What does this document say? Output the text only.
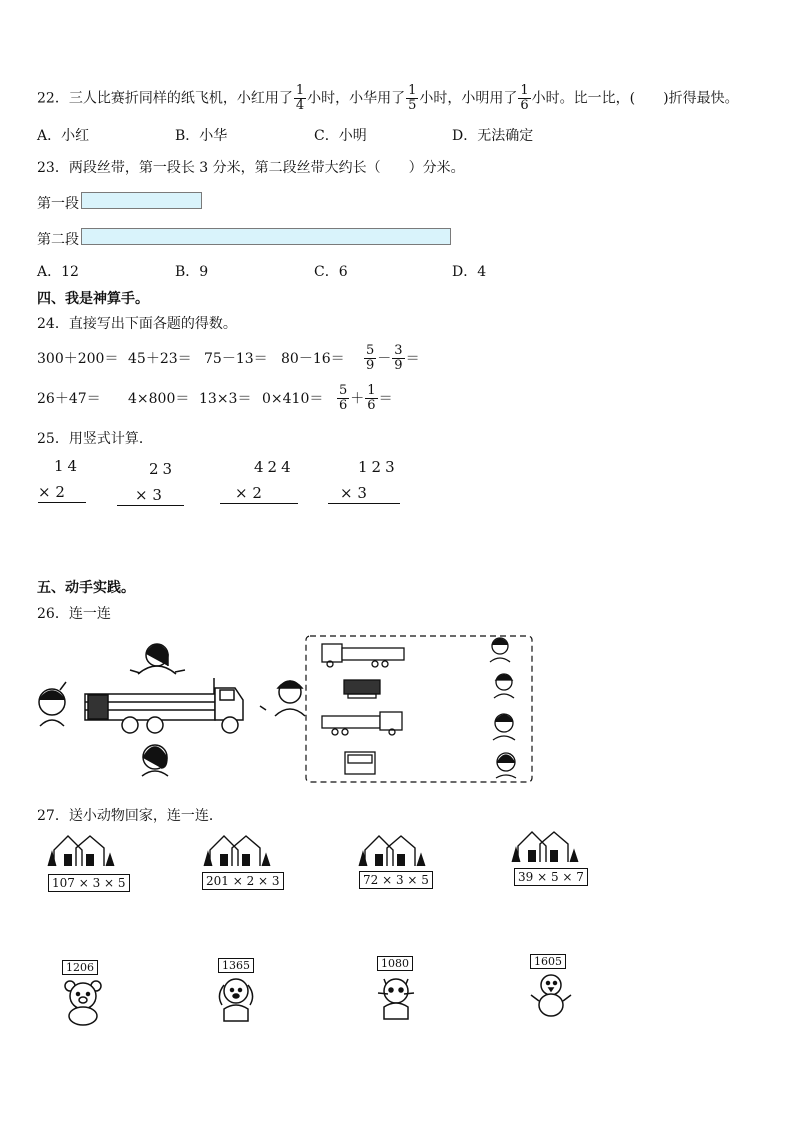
22．三人比赛折同样的纸飞机，小红用了 $\frac{1}{4}$ 小时，小华用了 $\frac{1}{5}$ 小时，小明用了 $\frac{1}{6}$ 小时。比一比，(　　)折得最快。
A．小红	B．小华	C．小明	D．无法确定
23．两段丝带，第一段长 3 分米，第二段丝带大约长（　　）分米。
第一段
第二段
A．12	B．9	C．6	D．4
四、我是神算手。
24．直接写出下面各题的得数。
300＋200＝ 45＋23＝ 75－13＝ 80－16＝	$\frac{5}{9} - \frac{3}{9}$ ＝
26＋47＝	4×800＝ 13×3＝ 0×410＝	$\frac{5}{6} + \frac{1}{6}$ ＝
25．用竖式计算．
14
× 2
23
× 3
424
× 2
123
× 3
五、动手实践。
26．连一连
27．送小动物回家，连一连．
107 × 3 × 5	201 × 2 × 3	72 × 3 × 5	39 × 5 × 7
1206	1365	1080	1605
